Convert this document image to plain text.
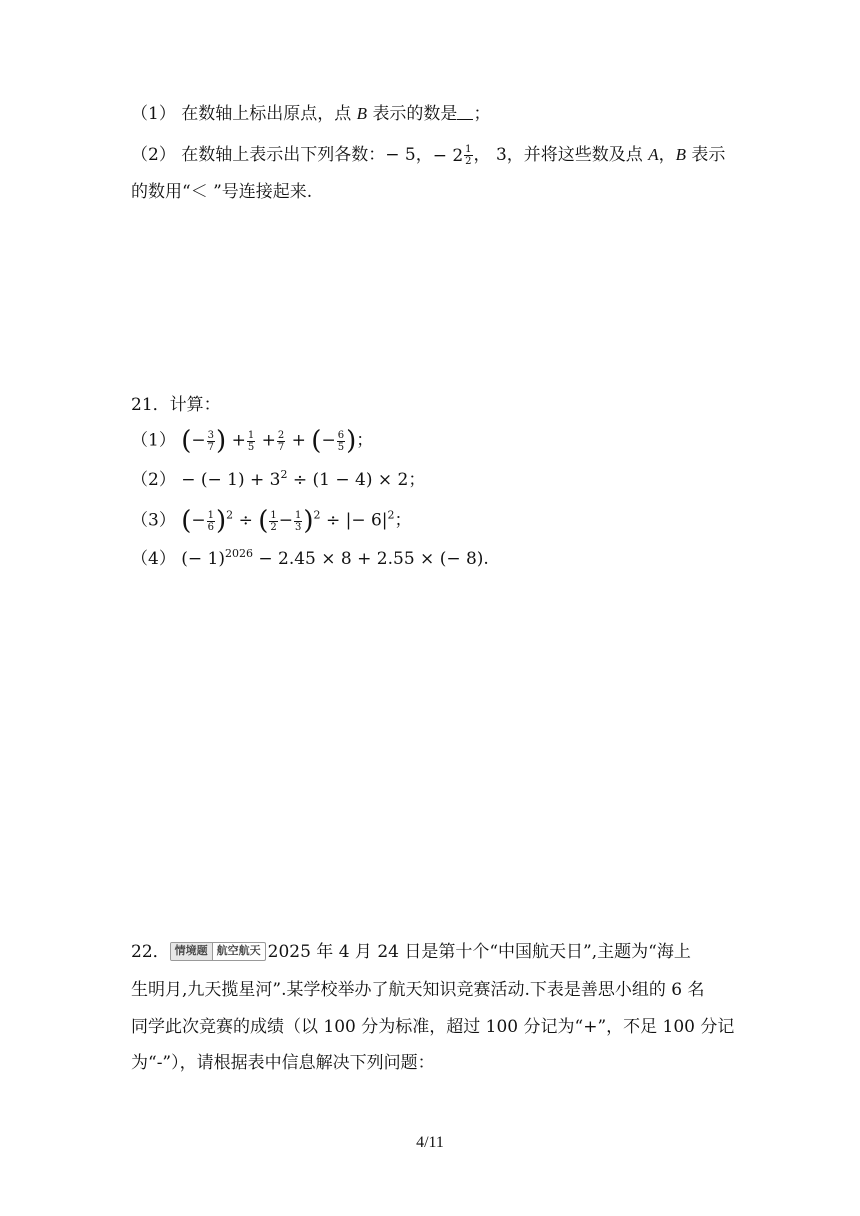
（1） 在数轴上标出原点，点 B 表示的数是 ；
（2） 在数轴上表示出下列各数：− 5， − $2 \frac{1}{2}$ ， 3，并将这些数及点 A，B 表示
的数用“＜ ”号连接起来.
21．计算：
（1） (− $\frac{3}{7}$ ) + $\frac{1}{5} + \frac{2}{7}$ + (− $\frac{6}{5}$ )；
（2） − (− $1) + 3^2 \div (1 - 4) \times 2$；
（3） (− $\frac{1}{6} )^2$ ÷ ( $\frac{1}{2} - \frac{1}{3} )^2$ ÷ |− $6|^2$；
（4） (− 1)$^{2026}$ − 2.45 × 8 + 2.55 × (− 8).
22． 情境题 航空航天 2025 年 4 月 24 日是第十个“中国航天日”,主题为“海上
生明月,九天揽星河”.某学校举办了航天知识竞赛活动.下表是善思小组的 6 名
同学此次竞赛的成绩（以 100 分为标准，超过 100 分记为“+”，不足 100 分记
为“-”），请根据表中信息解决下列问题：
4/11
